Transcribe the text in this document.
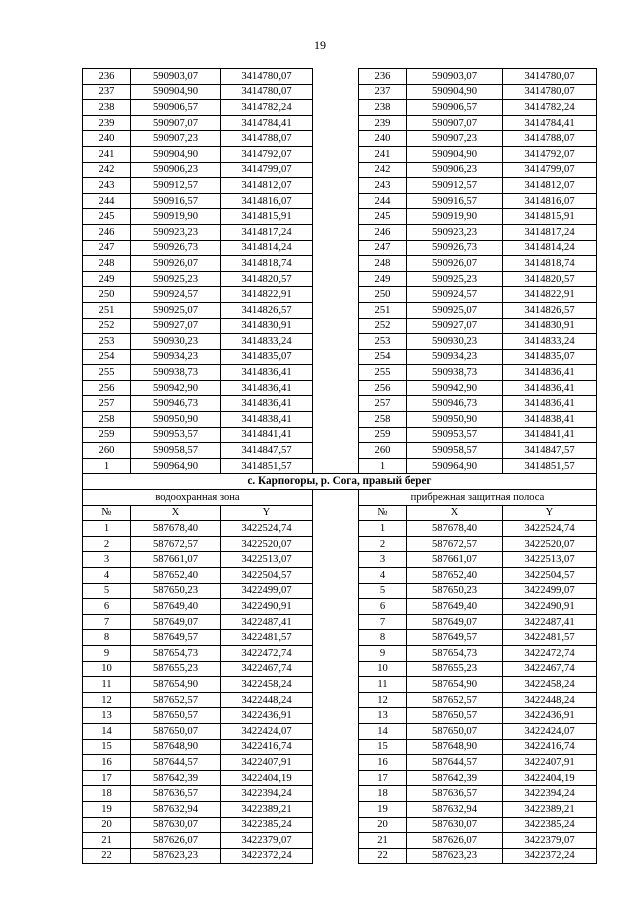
19
236	590903,07	3414780,07		236	590903,07	3414780,07
237	590904,90	3414780,07		237	590904,90	3414780,07
238	590906,57	3414782,24		238	590906,57	3414782,24
239	590907,07	3414784,41		239	590907,07	3414784,41
240	590907,23	3414788,07		240	590907,23	3414788,07
241	590904,90	3414792,07		241	590904,90	3414792,07
242	590906,23	3414799,07		242	590906,23	3414799,07
243	590912,57	3414812,07		243	590912,57	3414812,07
244	590916,57	3414816,07		244	590916,57	3414816,07
245	590919,90	3414815,91		245	590919,90	3414815,91
246	590923,23	3414817,24		246	590923,23	3414817,24
247	590926,73	3414814,24		247	590926,73	3414814,24
248	590926,07	3414818,74		248	590926,07	3414818,74
249	590925,23	3414820,57		249	590925,23	3414820,57
250	590924,57	3414822,91		250	590924,57	3414822,91
251	590925,07	3414826,57		251	590925,07	3414826,57
252	590927,07	3414830,91		252	590927,07	3414830,91
253	590930,23	3414833,24		253	590930,23	3414833,24
254	590934,23	3414835,07		254	590934,23	3414835,07
255	590938,73	3414836,41		255	590938,73	3414836,41
256	590942,90	3414836,41		256	590942,90	3414836,41
257	590946,73	3414836,41		257	590946,73	3414836,41
258	590950,90	3414838,41		258	590950,90	3414838,41
259	590953,57	3414841,41		259	590953,57	3414841,41
260	590958,57	3414847,57		260	590958,57	3414847,57
1	590964,90	3414851,57		1	590964,90	3414851,57
с. Карпогоры, р. Сога, правый берег						
водоохранная зона				прибрежная защитная полоса		
№	X	Y		№	X	Y
1	587678,40	3422524,74		1	587678,40	3422524,74
2	587672,57	3422520,07		2	587672,57	3422520,07
3	587661,07	3422513,07		3	587661,07	3422513,07
4	587652,40	3422504,57		4	587652,40	3422504,57
5	587650,23	3422499,07		5	587650,23	3422499,07
6	587649,40	3422490,91		6	587649,40	3422490,91
7	587649,07	3422487,41		7	587649,07	3422487,41
8	587649,57	3422481,57		8	587649,57	3422481,57
9	587654,73	3422472,74		9	587654,73	3422472,74
10	587655,23	3422467,74		10	587655,23	3422467,74
11	587654,90	3422458,24		11	587654,90	3422458,24
12	587652,57	3422448,24		12	587652,57	3422448,24
13	587650,57	3422436,91		13	587650,57	3422436,91
14	587650,07	3422424,07		14	587650,07	3422424,07
15	587648,90	3422416,74		15	587648,90	3422416,74
16	587644,57	3422407,91		16	587644,57	3422407,91
17	587642,39	3422404,19		17	587642,39	3422404,19
18	587636,57	3422394,24		18	587636,57	3422394,24
19	587632,94	3422389,21		19	587632,94	3422389,21
20	587630,07	3422385,24		20	587630,07	3422385,24
21	587626,07	3422379,07		21	587626,07	3422379,07
22	587623,23	3422372,24		22	587623,23	3422372,24
